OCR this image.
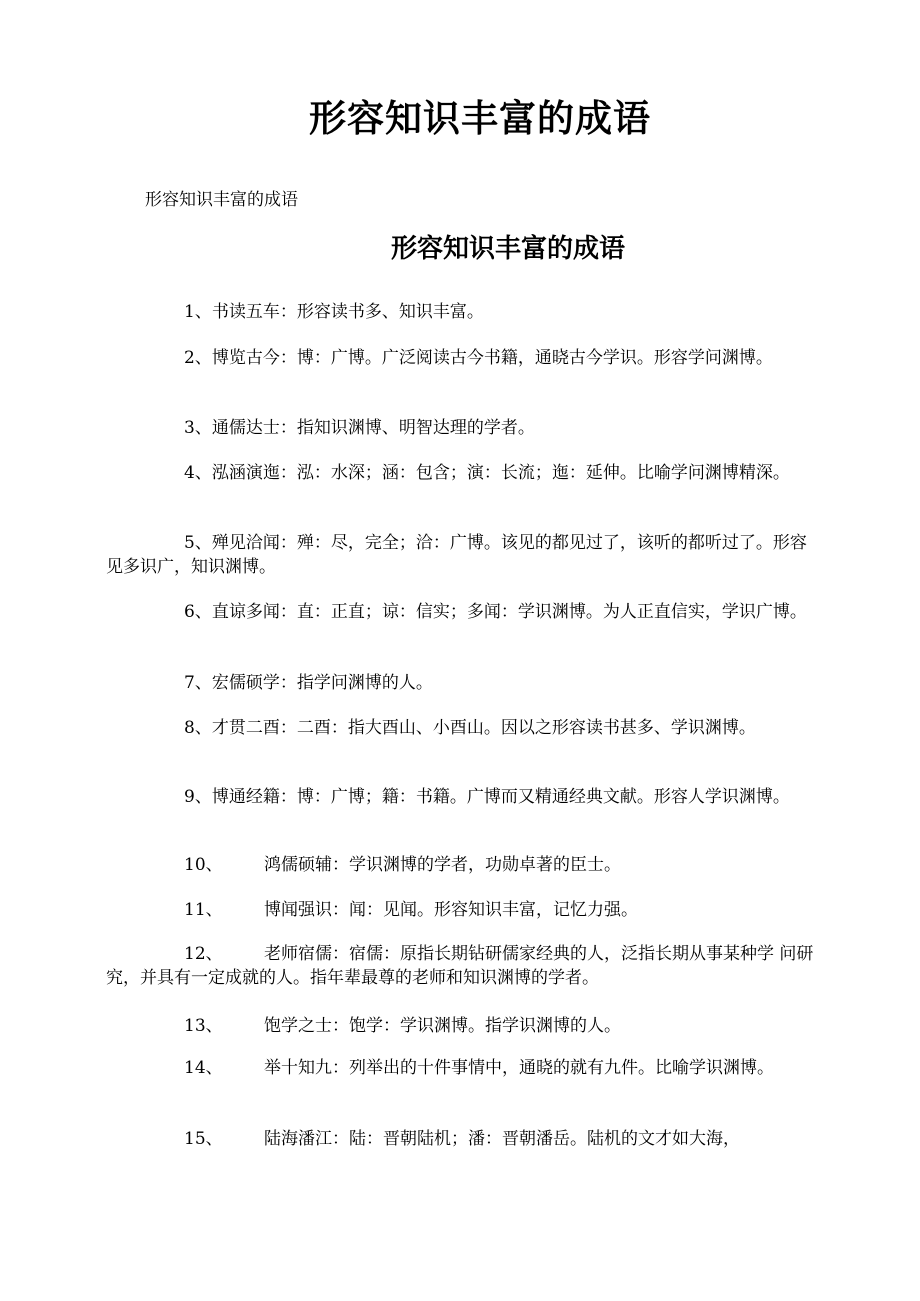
形容知识丰富的成语

形容知识丰富的成语

形容知识丰富的成语

1、书读五车：形容读书多、知识丰富。

2、博览古今：博：广博。广泛阅读古今书籍，通晓古今学识。形容学问渊博。

3、通儒达士：指知识渊博、明智达理的学者。

4、泓涵演迤：泓：水深；涵：包含；演：长流；迤：延伸。比喻学问渊博精深。

5、殚见洽闻：殚：尽，完全；洽：广博。该见的都见过了，该听的都听过了。形容见多识广，知识渊博。

6、直谅多闻：直：正直；谅：信实；多闻：学识渊博。为人正直信实，学识广博。

7、宏儒硕学：指学问渊博的人。

8、才贯二酉：二酉：指大酉山、小酉山。因以之形容读书甚多、学识渊博。

9、博通经籍：博：广博；籍：书籍。广博而又精通经典文献。形容人学识渊博。

10、	鸿儒硕辅：学识渊博的学者，功勋卓著的臣士。

11、	博闻强识：闻：见闻。形容知识丰富，记忆力强。

12、	老师宿儒：宿儒：原指长期钻研儒家经典的人，泛指长期从事某种学 问研究，并具有一定成就的人。指年辈最尊的老师和知识渊博的学者。

13、	饱学之士：饱学：学识渊博。指学识渊博的人。

14、	举十知九：列举出的十件事情中，通晓的就有九件。比喻学识渊博。

15、	陆海潘江：陆：晋朝陆机；潘：晋朝潘岳。陆机的文才如大海，
